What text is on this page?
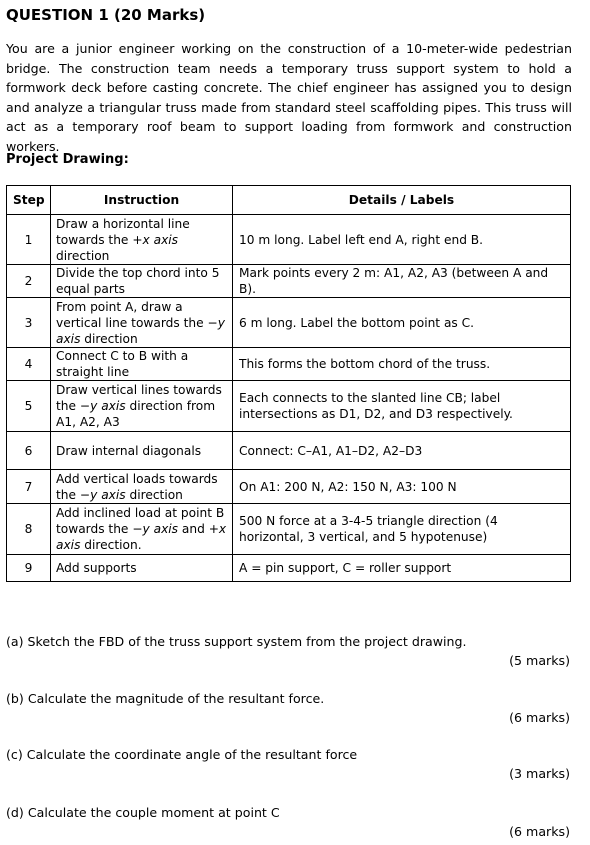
QUESTION 1 (20 Marks)
You are a junior engineer working on the construction of a 10-meter-wide pedestrian bridge. The construction team needs a temporary truss support system to hold a formwork deck before casting concrete. The chief engineer has assigned you to design and analyze a triangular truss made from standard steel scaffolding pipes. This truss will act as a temporary roof beam to support loading from formwork and construction workers.
Project Drawing:
Step	Instruction	Details / Labels
1	Draw a horizontal line towards the +x axis direction	10 m long. Label left end A, right end B.
2	Divide the top chord into 5 equal parts	Mark points every 2 m: A1, A2, A3 (between A and B).
3	From point A, draw a vertical line towards the −y axis direction	6 m long. Label the bottom point as C.
4	Connect C to B with a straight line	This forms the bottom chord of the truss.
5	Draw vertical lines towards the −y axis direction from A1, A2, A3	Each connects to the slanted line CB; label intersections as D1, D2, and D3 respectively.
6	Draw internal diagonals	Connect: C–A1, A1–D2, A2–D3
7	Add vertical loads towards the −y axis direction	On A1: 200 N, A2: 150 N, A3: 100 N
8	Add inclined load at point B towards the −y axis and +x axis direction.	500 N force at a 3-4-5 triangle direction (4 horizontal, 3 vertical, and 5 hypotenuse)
9	Add supports	A = pin support, C = roller support
(a) Sketch the FBD of the truss support system from the project drawing.
(5 marks)
(b) Calculate the magnitude of the resultant force.
(6 marks)
(c) Calculate the coordinate angle of the resultant force
(3 marks)
(d) Calculate the couple moment at point C
(6 marks)
